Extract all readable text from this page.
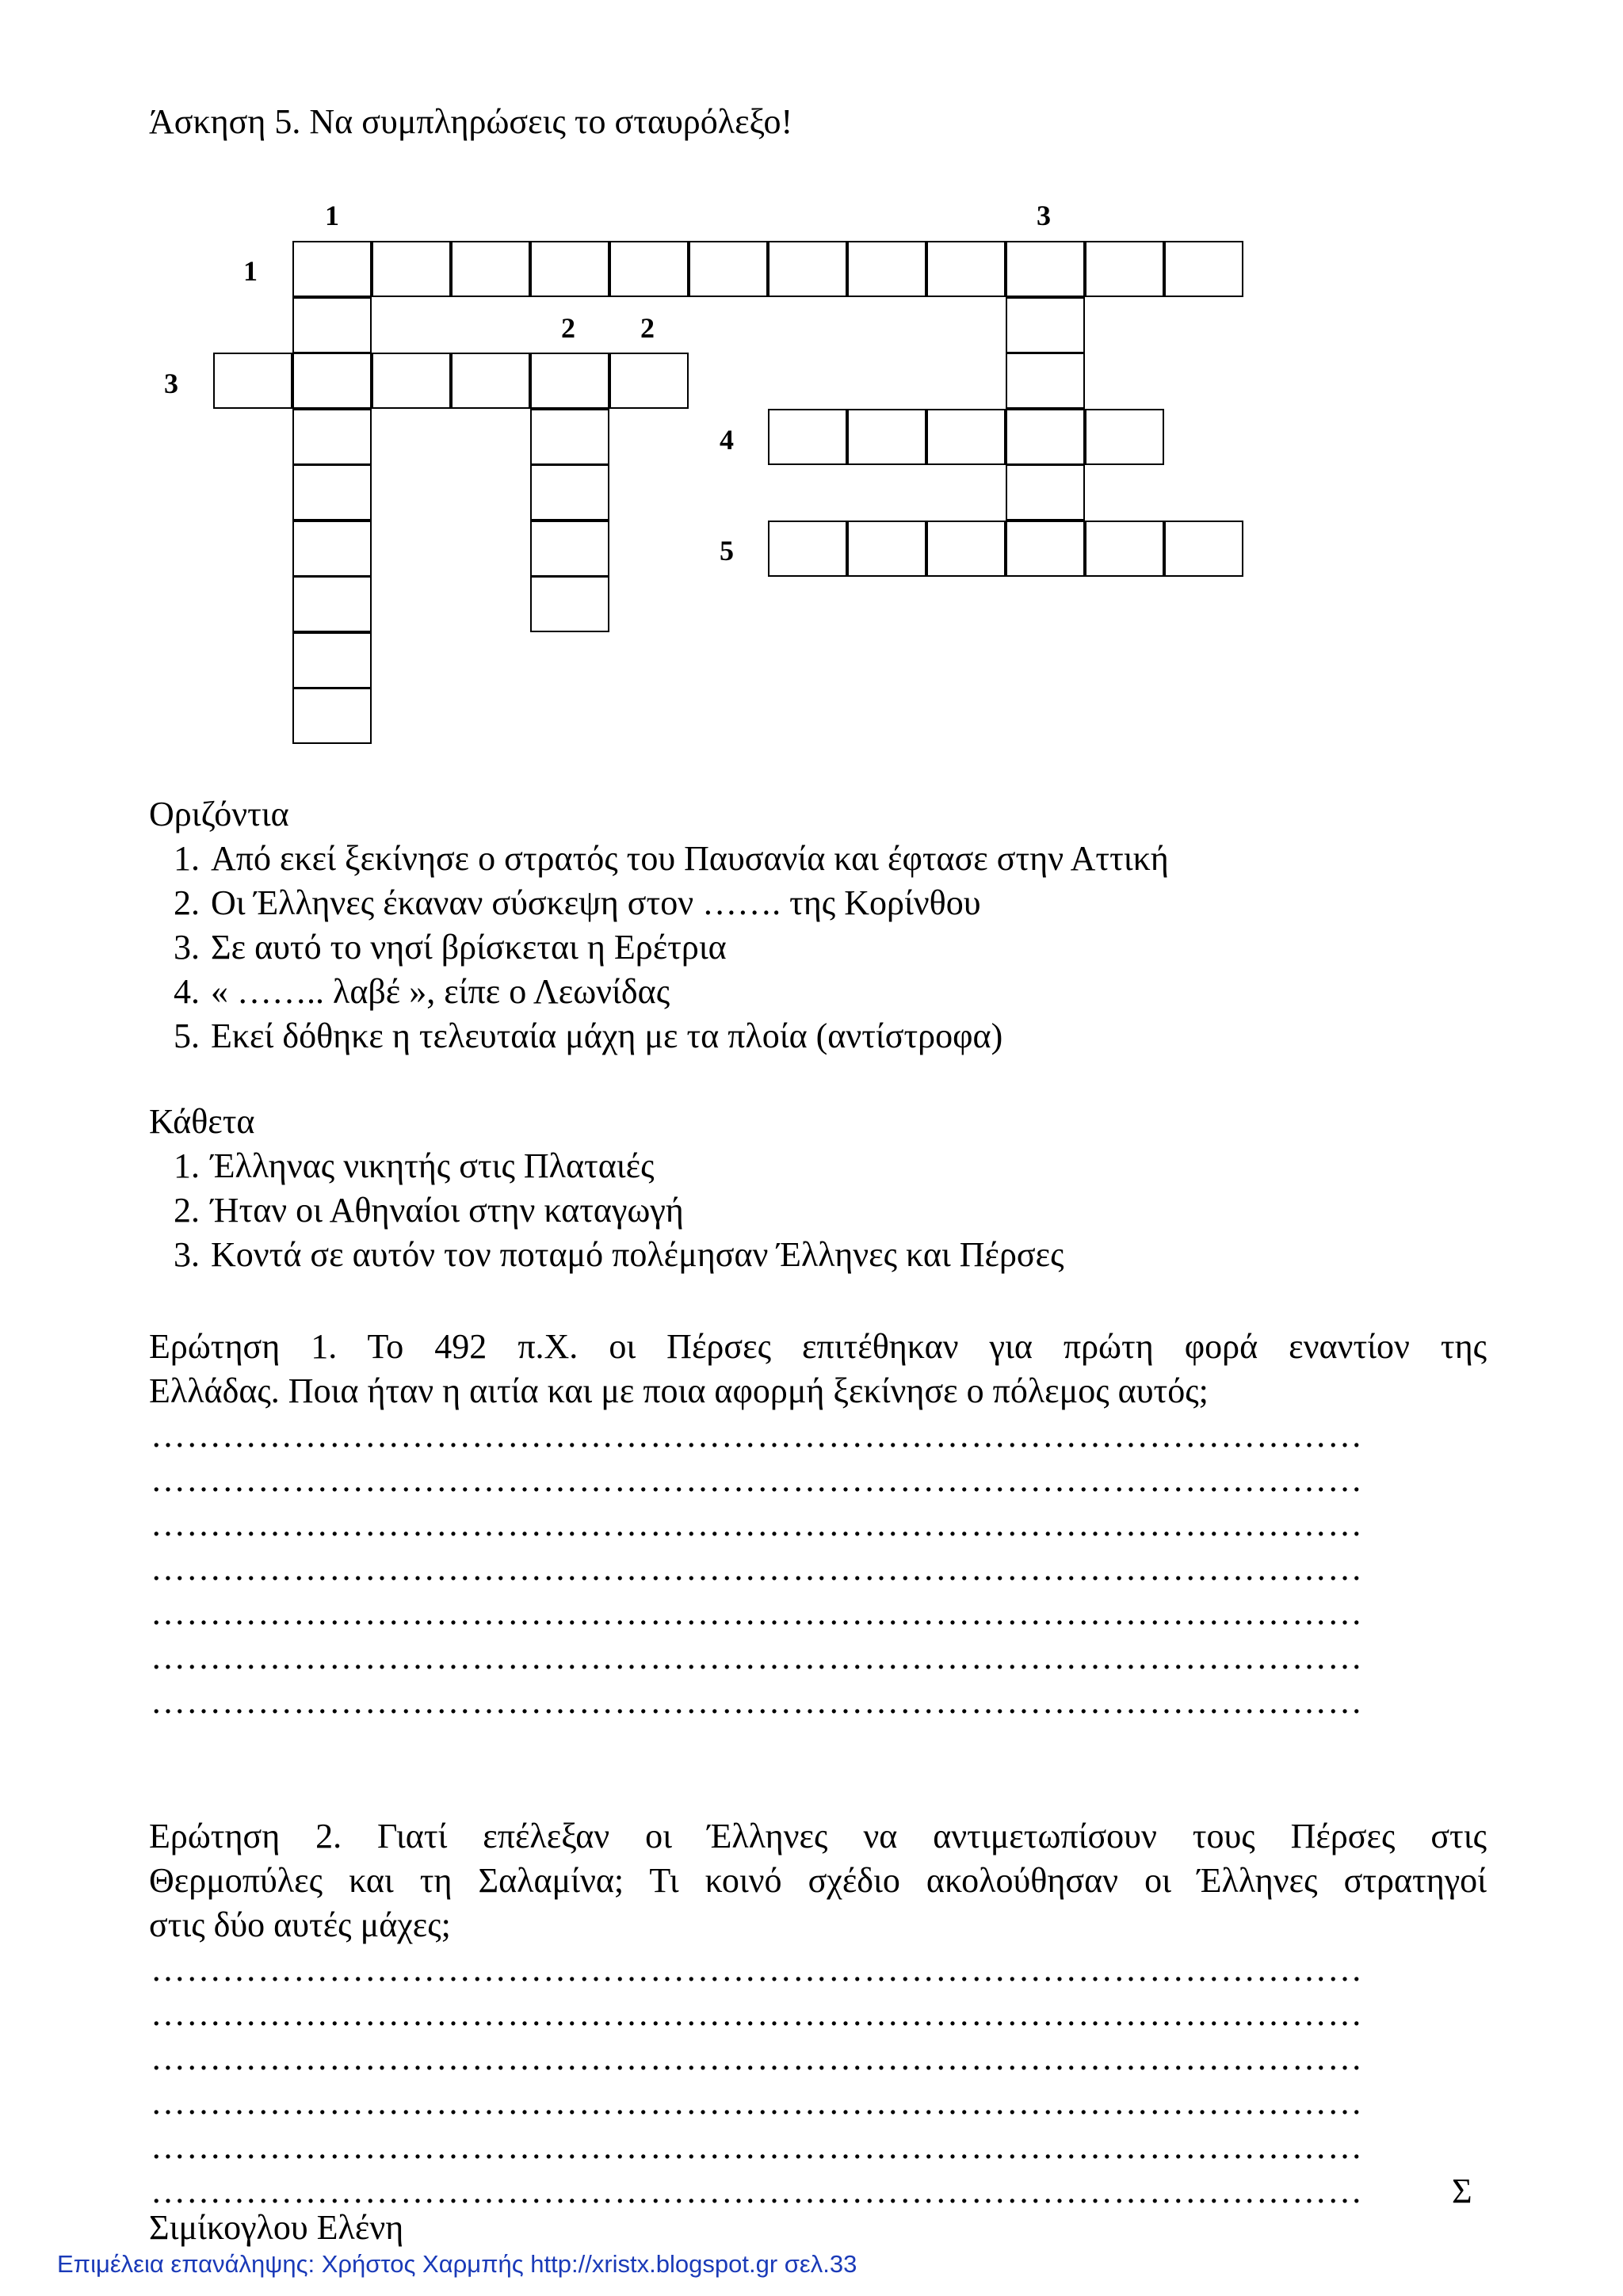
Άσκηση 5. Να συμπληρώσεις το σταυρόλεξο!
1	3
1
2 2
3
4
5
Οριζόντια
1. Από εκεί ξεκίνησε ο στρατός του Παυσανία και έφτασε στην Αττική
2. Οι Έλληνες έκαναν σύσκεψη στον ……. της Κορίνθου
3. Σε αυτό το νησί βρίσκεται η Ερέτρια
4. « …….. λαβέ », είπε ο Λεωνίδας
5. Εκεί δόθηκε η τελευταία μάχη με τα πλοία (αντίστροφα)
Κάθετα
1. Έλληνας νικητής στις Πλαταιές
2. Ήταν οι Αθηναίοι στην καταγωγή
3. Κοντά σε αυτόν τον ποταμό πολέμησαν Έλληνες και Πέρσες
Ερώτηση 1. Το 492 π.Χ. οι Πέρσες επιτέθηκαν για πρώτη φορά εναντίον της
Ελλάδας. Ποια ήταν η αιτία και με ποια αφορμή ξεκίνησε ο πόλεμος αυτός;
…………………………………………………………………………………………
…………………………………………………………………………………………
…………………………………………………………………………………………
…………………………………………………………………………………………
…………………………………………………………………………………………
…………………………………………………………………………………………
…………………………………………………………………………………………
Ερώτηση 2. Γιατί επέλεξαν οι Έλληνες να αντιμετωπίσουν τους Πέρσες στις
Θερμοπύλες και τη Σαλαμίνα; Τι κοινό σχέδιο ακολούθησαν οι Έλληνες στρατηγοί
στις δύο αυτές μάχες;
…………………………………………………………………………………………
…………………………………………………………………………………………
…………………………………………………………………………………………
…………………………………………………………………………………………
…………………………………………………………………………………………
…………………………………………………………………………………………	Σ
Σιμίκογλου Ελένη
Επιμέλεια επανάληψης: Χρήστος Χαρμπής http://xristx.blogspot.gr σελ.33
